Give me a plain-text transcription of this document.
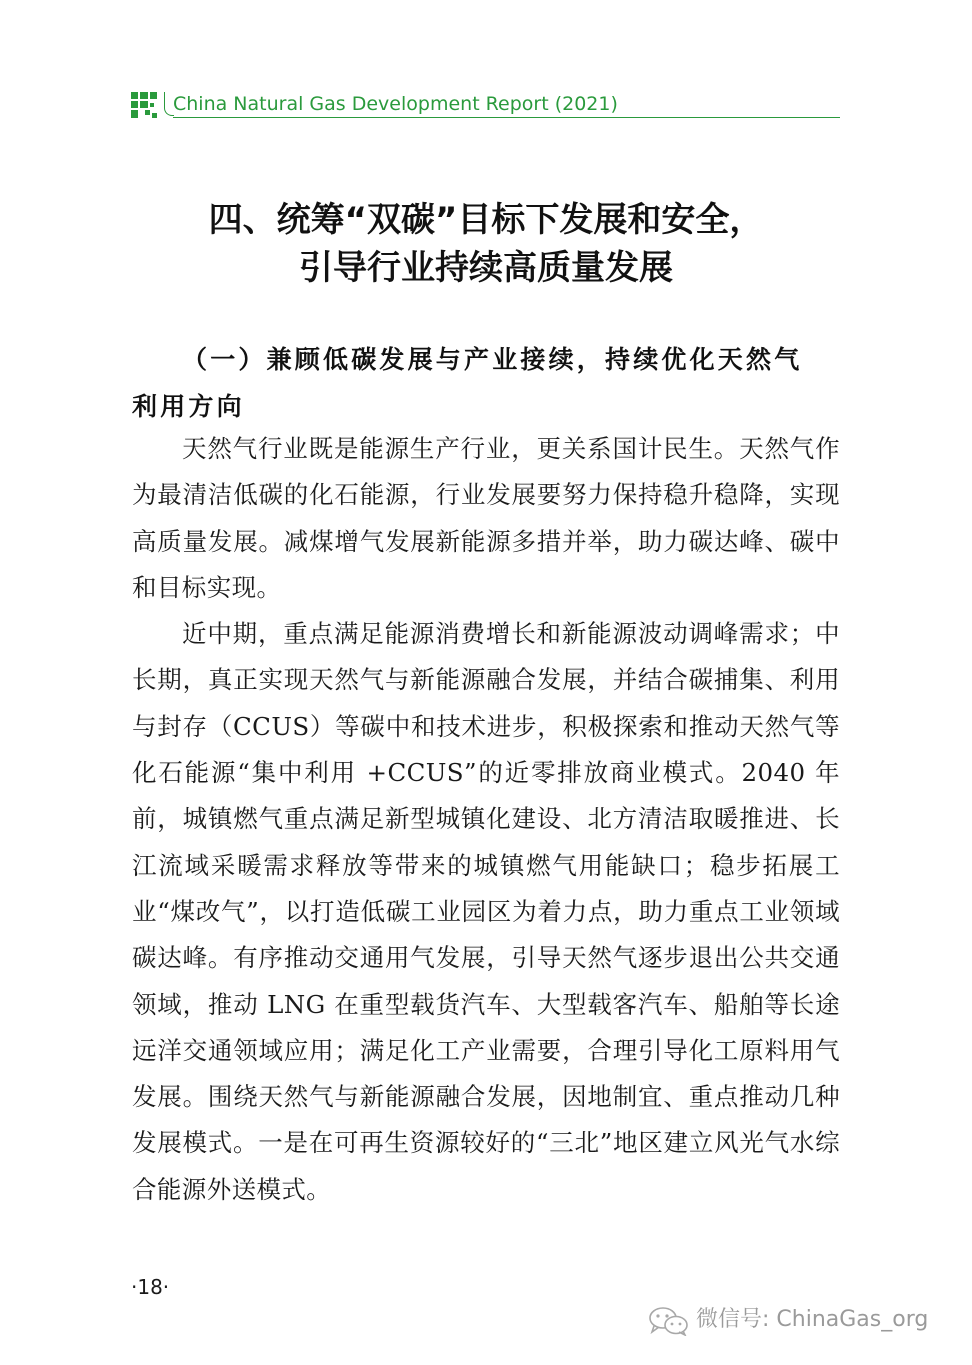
China Natural Gas Development Report (2021)
四、统筹“双碳”目标下发展和安全，
引导行业持续高质量发展
（一）兼顾低碳发展与产业接续，持续优化天然气
利用方向

天然气行业既是能源生产行业，更关系国计民生。天然气作为最清洁低碳的化石能源，行业发展要努力保持稳升稳降，实现高质量发展。减煤增气发展新能源多措并举，助力碳达峰、碳中和目标实现。

近中期，重点满足能源消费增长和新能源波动调峰需求；中长期，真正实现天然气与新能源融合发展，并结合碳捕集、利用与封存（CCUS）等碳中和技术进步，积极探索和推动天然气等化石能源“集中利用 +CCUS”的近零排放商业模式。2040 年前，城镇燃气重点满足新型城镇化建设、北方清洁取暖推进、长江流域采暖需求释放等带来的城镇燃气用能缺口；稳步拓展工业“煤改气”，以打造低碳工业园区为着力点，助力重点工业领域碳达峰。有序推动交通用气发展，引导天然气逐步退出公共交通领域，推动 LNG 在重型载货汽车、大型载客汽车、船舶等长途远洋交通领域应用；满足化工产业需要，合理引导化工原料用气发展。围绕天然气与新能源融合发展，因地制宜、重点推动几种发展模式。一是在可再生资源较好的“三北”地区建立风光气水综合能源外送模式。

·18·
微信号: ChinaGas_org
